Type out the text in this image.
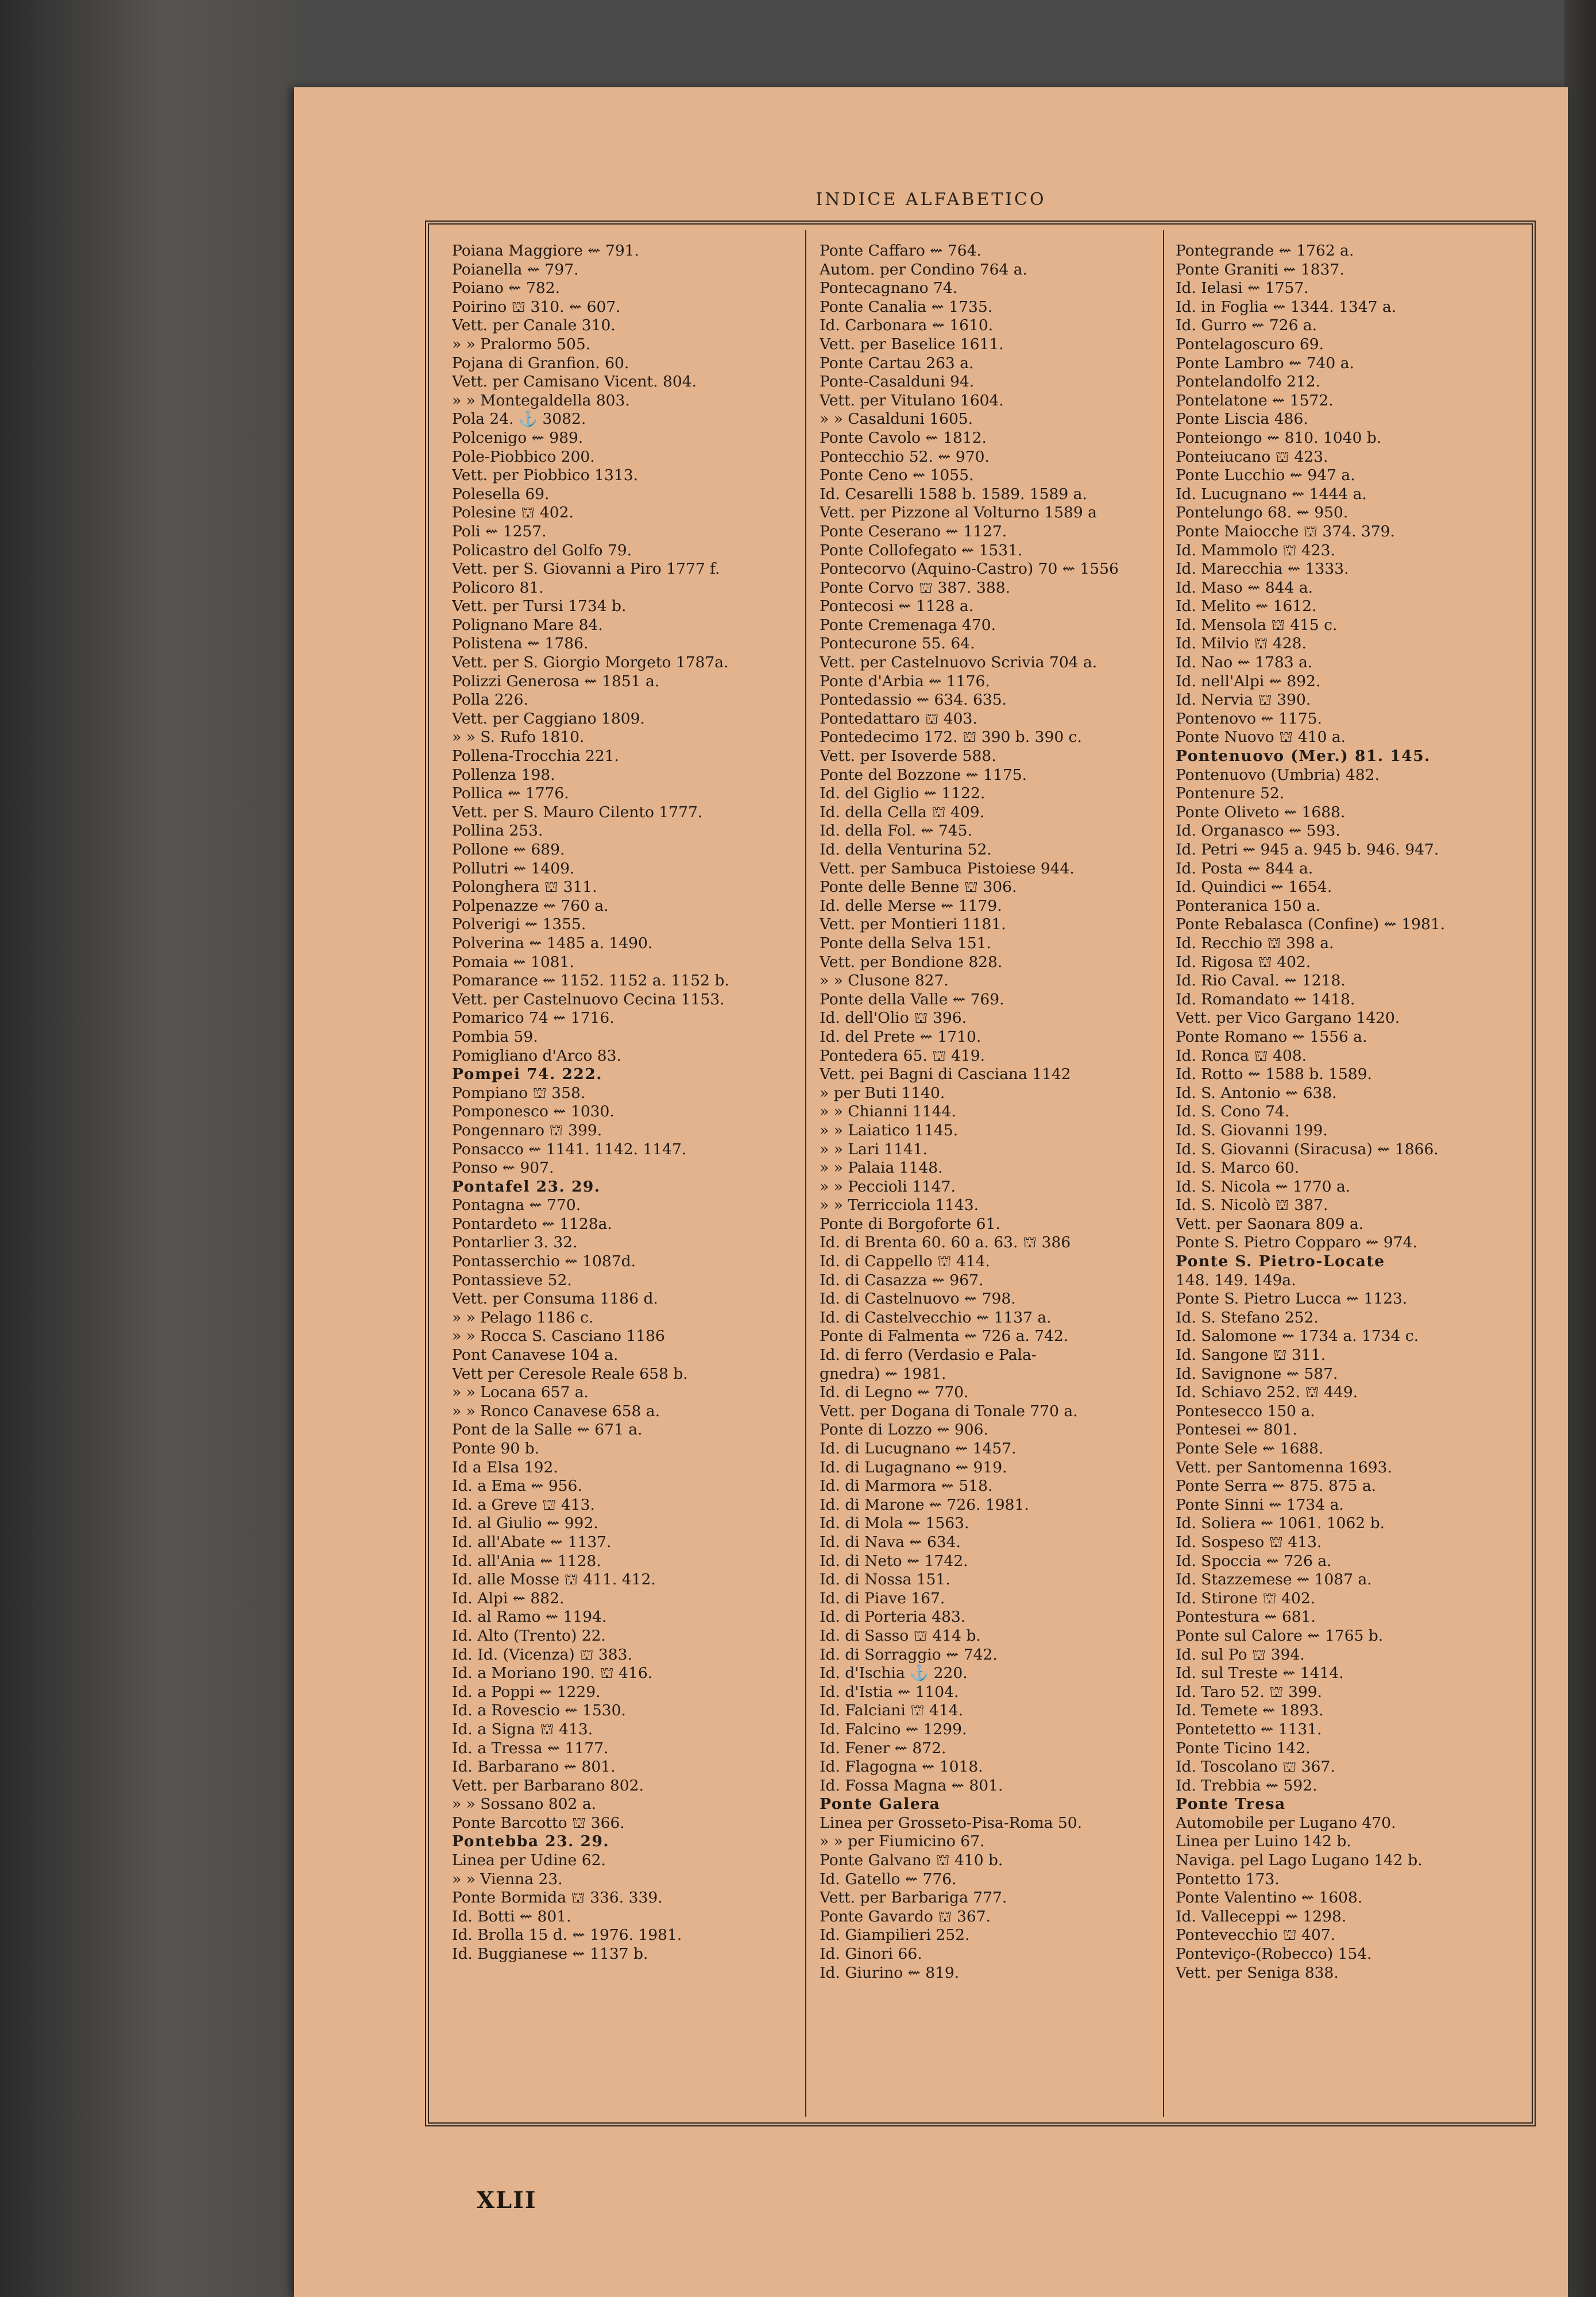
INDICE ALFABETICO
Poiana Maggiore ⇜ 791.
Poianella ⇜ 797.
Poiano ⇜ 782.
Poirino ⛫ 310. ⇜ 607.
Vett. per Canale 310.
» » Pralormo 505.
Pojana di Granfion. 60.
Vett. per Camisano Vicent. 804.
» » Montegaldella 803.
Pola 24. ⚓ 3082.
Polcenigo ⇜ 989.
Pole-Piobbico 200.
Vett. per Piobbico 1313.
Polesella 69.
Polesine ⛫ 402.
Poli ⇜ 1257.
Policastro del Golfo 79.
Vett. per S. Giovanni a Piro 1777 f.
Policoro 81.
Vett. per Tursi 1734 b.
Polignano Mare 84.
Polistena ⇜ 1786.
Vett. per S. Giorgio Morgeto 1787a.
Polizzi Generosa ⇜ 1851 a.
Polla 226.
Vett. per Caggiano 1809.
» » S. Rufo 1810.
Pollena-Trocchia 221.
Pollenza 198.
Pollica ⇜ 1776.
Vett. per S. Mauro Cilento 1777.
Pollina 253.
Pollone ⇜ 689.
Pollutri ⇜ 1409.
Polonghera ⛫ 311.
Polpenazze ⇜ 760 a.
Polverigi ⇜ 1355.
Polverina ⇜ 1485 a. 1490.
Pomaia ⇜ 1081.
Pomarance ⇜ 1152. 1152 a. 1152 b.
Vett. per Castelnuovo Cecina 1153.
Pomarico 74 ⇜ 1716.
Pombia 59.
Pomigliano d'Arco 83.
Pompei 74. 222.
Pompiano ⛫ 358.
Pomponesco ⇜ 1030.
Pongennaro ⛫ 399.
Ponsacco ⇜ 1141. 1142. 1147.
Ponso ⇜ 907.
Pontafel 23. 29.
Pontagna ⇜ 770.
Pontardeto ⇜ 1128a.
Pontarlier 3. 32.
Pontasserchio ⇜ 1087d.
Pontassieve 52.
Vett. per Consuma 1186 d.
» » Pelago 1186 c.
» » Rocca S. Casciano 1186
Pont Canavese 104 a.
Vett per Ceresole Reale 658 b.
» » Locana 657 a.
» » Ronco Canavese 658 a.
Pont de la Salle ⇜ 671 a.
Ponte 90 b.
Id a Elsa 192.
Id. a Ema ⇜ 956.
Id. a Greve ⛫ 413.
Id. al Giulio ⇜ 992.
Id. all'Abate ⇜ 1137.
Id. all'Ania ⇜ 1128.
Id. alle Mosse ⛫ 411. 412.
Id. Alpi ⇜ 882.
Id. al Ramo ⇜ 1194.
Id. Alto (Trento) 22.
Id. Id. (Vicenza) ⛫ 383.
Id. a Moriano 190. ⛫ 416.
Id. a Poppi ⇜ 1229.
Id. a Rovescio ⇜ 1530.
Id. a Signa ⛫ 413.
Id. a Tressa ⇜ 1177.
Id. Barbarano ⇜ 801.
Vett. per Barbarano 802.
» » Sossano 802 a.
Ponte Barcotto ⛫ 366.
Pontebba 23. 29.
Linea per Udine 62.
» » Vienna 23.
Ponte Bormida ⛫ 336. 339.
Id. Botti ⇜ 801.
Id. Brolla 15 d. ⇜ 1976. 1981.
Id. Buggianese ⇜ 1137 b.
Ponte Caffaro ⇜ 764.
Autom. per Condino 764 a.
Pontecagnano 74.
Ponte Canalia ⇜ 1735.
Id. Carbonara ⇜ 1610.
Vett. per Baselice 1611.
Ponte Cartau 263 a.
Ponte-Casalduni 94.
Vett. per Vitulano 1604.
» » Casalduni 1605.
Ponte Cavolo ⇜ 1812.
Pontecchio 52. ⇜ 970.
Ponte Ceno ⇜ 1055.
Id. Cesarelli 1588 b. 1589. 1589 a.
Vett. per Pizzone al Volturno 1589 a
Ponte Ceserano ⇜ 1127.
Ponte Collofegato ⇜ 1531.
Pontecorvo (Aquino-Castro) 70 ⇜ 1556
Ponte Corvo ⛫ 387. 388.
Pontecosi ⇜ 1128 a.
Ponte Cremenaga 470.
Pontecurone 55. 64.
Vett. per Castelnuovo Scrivia 704 a.
Ponte d'Arbia ⇜ 1176.
Pontedassio ⇜ 634. 635.
Pontedattaro ⛫ 403.
Pontedecimo 172. ⛫ 390 b. 390 c.
Vett. per Isoverde 588.
Ponte del Bozzone ⇜ 1175.
Id. del Giglio ⇜ 1122.
Id. della Cella ⛫ 409.
Id. della Fol. ⇜ 745.
Id. della Venturina 52.
Vett. per Sambuca Pistoiese 944.
Ponte delle Benne ⛫ 306.
Id. delle Merse ⇜ 1179.
Vett. per Montieri 1181.
Ponte della Selva 151.
Vett. per Bondione 828.
» » Clusone 827.
Ponte della Valle ⇜ 769.
Id. dell'Olio ⛫ 396.
Id. del Prete ⇜ 1710.
Pontedera 65. ⛫ 419.
Vett. pei Bagni di Casciana 1142
» per Buti 1140.
» » Chianni 1144.
» » Laiatico 1145.
» » Lari 1141.
» » Palaia 1148.
» » Peccioli 1147.
» » Terricciola 1143.
Ponte di Borgoforte 61.
Id. di Brenta 60. 60 a. 63. ⛫ 386
Id. di Cappello ⛫ 414.
Id. di Casazza ⇜ 967.
Id. di Castelnuovo ⇜ 798.
Id. di Castelvecchio ⇜ 1137 a.
Ponte di Falmenta ⇜ 726 a. 742.
Id. di ferro (Verdasio e Pala-
gnedra) ⇜ 1981.
Id. di Legno ⇜ 770.
Vett. per Dogana di Tonale 770 a.
Ponte di Lozzo ⇜ 906.
Id. di Lucugnano ⇜ 1457.
Id. di Lugagnano ⇜ 919.
Id. di Marmora ⇜ 518.
Id. di Marone ⇜ 726. 1981.
Id. di Mola ⇜ 1563.
Id. di Nava ⇜ 634.
Id. di Neto ⇜ 1742.
Id. di Nossa 151.
Id. di Piave 167.
Id. di Porteria 483.
Id. di Sasso ⛫ 414 b.
Id. di Sorraggio ⇜ 742.
Id. d'Ischia ⚓ 220.
Id. d'Istia ⇜ 1104.
Id. Falciani ⛫ 414.
Id. Falcino ⇜ 1299.
Id. Fener ⇜ 872.
Id. Flagogna ⇜ 1018.
Id. Fossa Magna ⇜ 801.
Ponte Galera
Linea per Grosseto-Pisa-Roma 50.
» » per Fiumicino 67.
Ponte Galvano ⛫ 410 b.
Id. Gatello ⇜ 776.
Vett. per Barbariga 777.
Ponte Gavardo ⛫ 367.
Id. Giampilieri 252.
Id. Ginori 66.
Id. Giurino ⇜ 819.
Pontegrande ⇜ 1762 a.
Ponte Graniti ⇜ 1837.
Id. Ielasi ⇜ 1757.
Id. in Foglia ⇜ 1344. 1347 a.
Id. Gurro ⇜ 726 a.
Pontelagoscuro 69.
Ponte Lambro ⇜ 740 a.
Pontelandolfo 212.
Pontelatone ⇜ 1572.
Ponte Liscia 486.
Ponteiongo ⇜ 810. 1040 b.
Ponteiucano ⛫ 423.
Ponte Lucchio ⇜ 947 a.
Id. Lucugnano ⇜ 1444 a.
Pontelungo 68. ⇜ 950.
Ponte Maiocche ⛫ 374. 379.
Id. Mammolo ⛫ 423.
Id. Marecchia ⇜ 1333.
Id. Maso ⇜ 844 a.
Id. Melito ⇜ 1612.
Id. Mensola ⛫ 415 c.
Id. Milvio ⛫ 428.
Id. Nao ⇜ 1783 a.
Id. nell'Alpi ⇜ 892.
Id. Nervia ⛫ 390.
Pontenovo ⇜ 1175.
Ponte Nuovo ⛫ 410 a.
Pontenuovo (Mer.) 81. 145.
Pontenuovo (Umbria) 482.
Pontenure 52.
Ponte Oliveto ⇜ 1688.
Id. Organasco ⇜ 593.
Id. Petri ⇜ 945 a. 945 b. 946. 947.
Id. Posta ⇜ 844 a.
Id. Quindici ⇜ 1654.
Ponteranica 150 a.
Ponte Rebalasca (Confine) ⇜ 1981.
Id. Recchio ⛫ 398 a.
Id. Rigosa ⛫ 402.
Id. Rio Caval. ⇜ 1218.
Id. Romandato ⇜ 1418.
Vett. per Vico Gargano 1420.
Ponte Romano ⇜ 1556 a.
Id. Ronca ⛫ 408.
Id. Rotto ⇜ 1588 b. 1589.
Id. S. Antonio ⇜ 638.
Id. S. Cono 74.
Id. S. Giovanni 199.
Id. S. Giovanni (Siracusa) ⇜ 1866.
Id. S. Marco 60.
Id. S. Nicola ⇜ 1770 a.
Id. S. Nicolò ⛫ 387.
Vett. per Saonara 809 a.
Ponte S. Pietro Copparo ⇜ 974.
Ponte S. Pietro-Locate
148. 149. 149a.
Ponte S. Pietro Lucca ⇜ 1123.
Id. S. Stefano 252.
Id. Salomone ⇜ 1734 a. 1734 c.
Id. Sangone ⛫ 311.
Id. Savignone ⇜ 587.
Id. Schiavo 252. ⛫ 449.
Pontesecco 150 a.
Pontesei ⇜ 801.
Ponte Sele ⇜ 1688.
Vett. per Santomenna 1693.
Ponte Serra ⇜ 875. 875 a.
Ponte Sinni ⇜ 1734 a.
Id. Soliera ⇜ 1061. 1062 b.
Id. Sospeso ⛫ 413.
Id. Spoccia ⇜ 726 a.
Id. Stazzemese ⇜ 1087 a.
Id. Stirone ⛫ 402.
Pontestura ⇜ 681.
Ponte sul Calore ⇜ 1765 b.
Id. sul Po ⛫ 394.
Id. sul Treste ⇜ 1414.
Id. Taro 52. ⛫ 399.
Id. Temete ⇜ 1893.
Pontetetto ⇜ 1131.
Ponte Ticino 142.
Id. Toscolano ⛫ 367.
Id. Trebbia ⇜ 592.
Ponte Tresa
Automobile per Lugano 470.
Linea per Luino 142 b.
Naviga. pel Lago Lugano 142 b.
Pontetto 173.
Ponte Valentino ⇜ 1608.
Id. Valleceppi ⇜ 1298.
Pontevecchio ⛫ 407.
Ponteviço-(Robecco) 154.
Vett. per Seniga 838.
XLII
